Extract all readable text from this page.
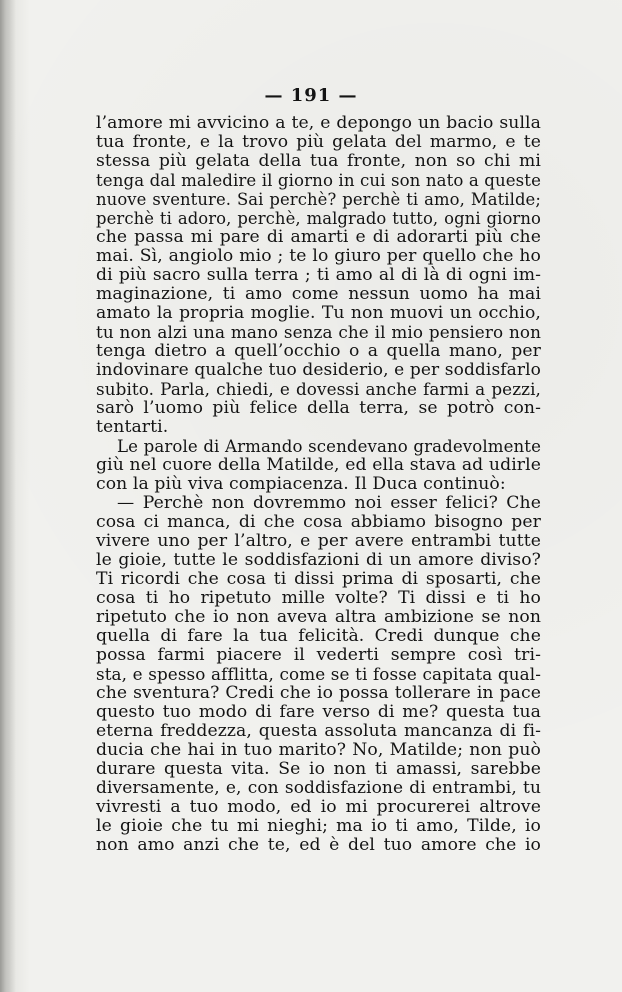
— 191 —
l’amore mi avvicino a te, e depongo un bacio sulla
tua fronte, e la trovo più gelata del marmo, e te
stessa più gelata della tua fronte, non so chi mi
tenga dal maledire il giorno in cui son nato a queste
nuove sventure. Sai perchè? perchè ti amo, Matilde;
perchè ti adoro, perchè, malgrado tutto, ogni giorno
che passa mi pare di amarti e di adorarti più che
mai. Sì, angiolo mio ; te lo giuro per quello che ho
di più sacro sulla terra ; ti amo al di là di ogni im-
maginazione, ti amo come nessun uomo ha mai
amato la propria moglie. Tu non muovi un occhio,
tu non alzi una mano senza che il mio pensiero non
tenga dietro a quell’occhio o a quella mano, per
indovinare qualche tuo desiderio, e per soddisfarlo
subito. Parla, chiedi, e dovessi anche farmi a pezzi,
sarò l’uomo più felice della terra, se potrò con-
tentarti.
Le parole di Armando scendevano gradevolmente
giù nel cuore della Matilde, ed ella stava ad udirle
con la più viva compiacenza. Il Duca continuò:
— Perchè non dovremmo noi esser felici? Che
cosa ci manca, di che cosa abbiamo bisogno per
vivere uno per l’altro, e per avere entrambi tutte
le gioie, tutte le soddisfazioni di un amore diviso?
Ti ricordi che cosa ti dissi prima di sposarti, che
cosa ti ho ripetuto mille volte? Ti dissi e ti ho
ripetuto che io non aveva altra ambizione se non
quella di fare la tua felicità. Credi dunque che
possa farmi piacere il vederti sempre così tri-
sta, e spesso afflitta, come se ti fosse capitata qual-
che sventura? Credi che io possa tollerare in pace
questo tuo modo di fare verso di me? questa tua
eterna freddezza, questa assoluta mancanza di fi-
ducia che hai in tuo marito? No, Matilde; non può
durare questa vita. Se io non ti amassi, sarebbe
diversamente, e, con soddisfazione di entrambi, tu
vivresti a tuo modo, ed io mi procurerei altrove
le gioie che tu mi nieghi; ma io ti amo, Tilde, io
non amo anzi che te, ed è del tuo amore che io
